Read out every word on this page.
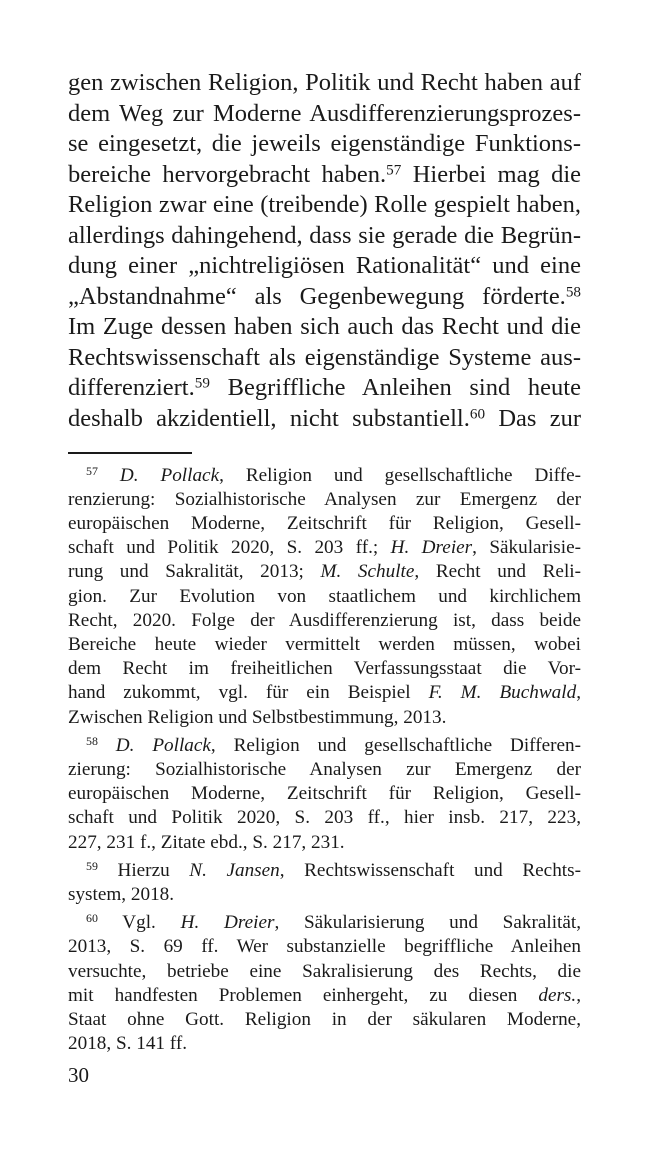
gen zwischen Religion, Politik und Recht haben auf
dem Weg zur Moderne Ausdifferenzierungsprozes-
se eingesetzt, die jeweils eigenständige Funktions-
bereiche hervorgebracht haben.$^{57}$ Hierbei mag die
Religion zwar eine (treibende) Rolle gespielt haben,
allerdings dahingehend, dass sie gerade die Begrün-
dung einer „nichtreligiösen Rationalität“ und eine
„Abstandnahme“ als Gegenbewegung förderte.$^{58}$
Im Zuge dessen haben sich auch das Recht und die
Rechtswissenschaft als eigenständige Systeme aus-
differenziert.$^{59}$ Begriffliche Anleihen sind heute
deshalb akzidentiell, nicht substantiell.$^{60}$ Das zur
$^{57}$ D. Pollack, Religion und gesellschaftliche Diffe-
renzierung: Sozialhistorische Analysen zur Emergenz der
europäischen Moderne, Zeitschrift für Religion, Gesell-
schaft und Politik 2020, S. 203 ff.; H. Dreier, Säkularisie-
rung und Sakralität, 2013; M. Schulte, Recht und Reli-
gion. Zur Evolution von staatlichem und kirchlichem
Recht, 2020. Folge der Ausdifferenzierung ist, dass beide
Bereiche heute wieder vermittelt werden müssen, wobei
dem Recht im freiheitlichen Verfassungsstaat die Vor-
hand zukommt, vgl. für ein Beispiel F. M. Buchwald,
Zwischen Religion und Selbstbestimmung, 2013.
$^{58}$ D. Pollack, Religion und gesellschaftliche Differen-
zierung: Sozialhistorische Analysen zur Emergenz der
europäischen Moderne, Zeitschrift für Religion, Gesell-
schaft und Politik 2020, S. 203 ff., hier insb. 217, 223,
227, 231 f., Zitate ebd., S. 217, 231.
$^{59}$ Hierzu N. Jansen, Rechtswissenschaft und Rechts-
system, 2018.
$^{60}$ Vgl. H. Dreier, Säkularisierung und Sakralität,
2013, S. 69 ff. Wer substanzielle begriffliche Anleihen
versuchte, betriebe eine Sakralisierung des Rechts, die
mit handfesten Problemen einhergeht, zu diesen ders.,
Staat ohne Gott. Religion in der säkularen Moderne,
2018, S. 141 ff.
30
